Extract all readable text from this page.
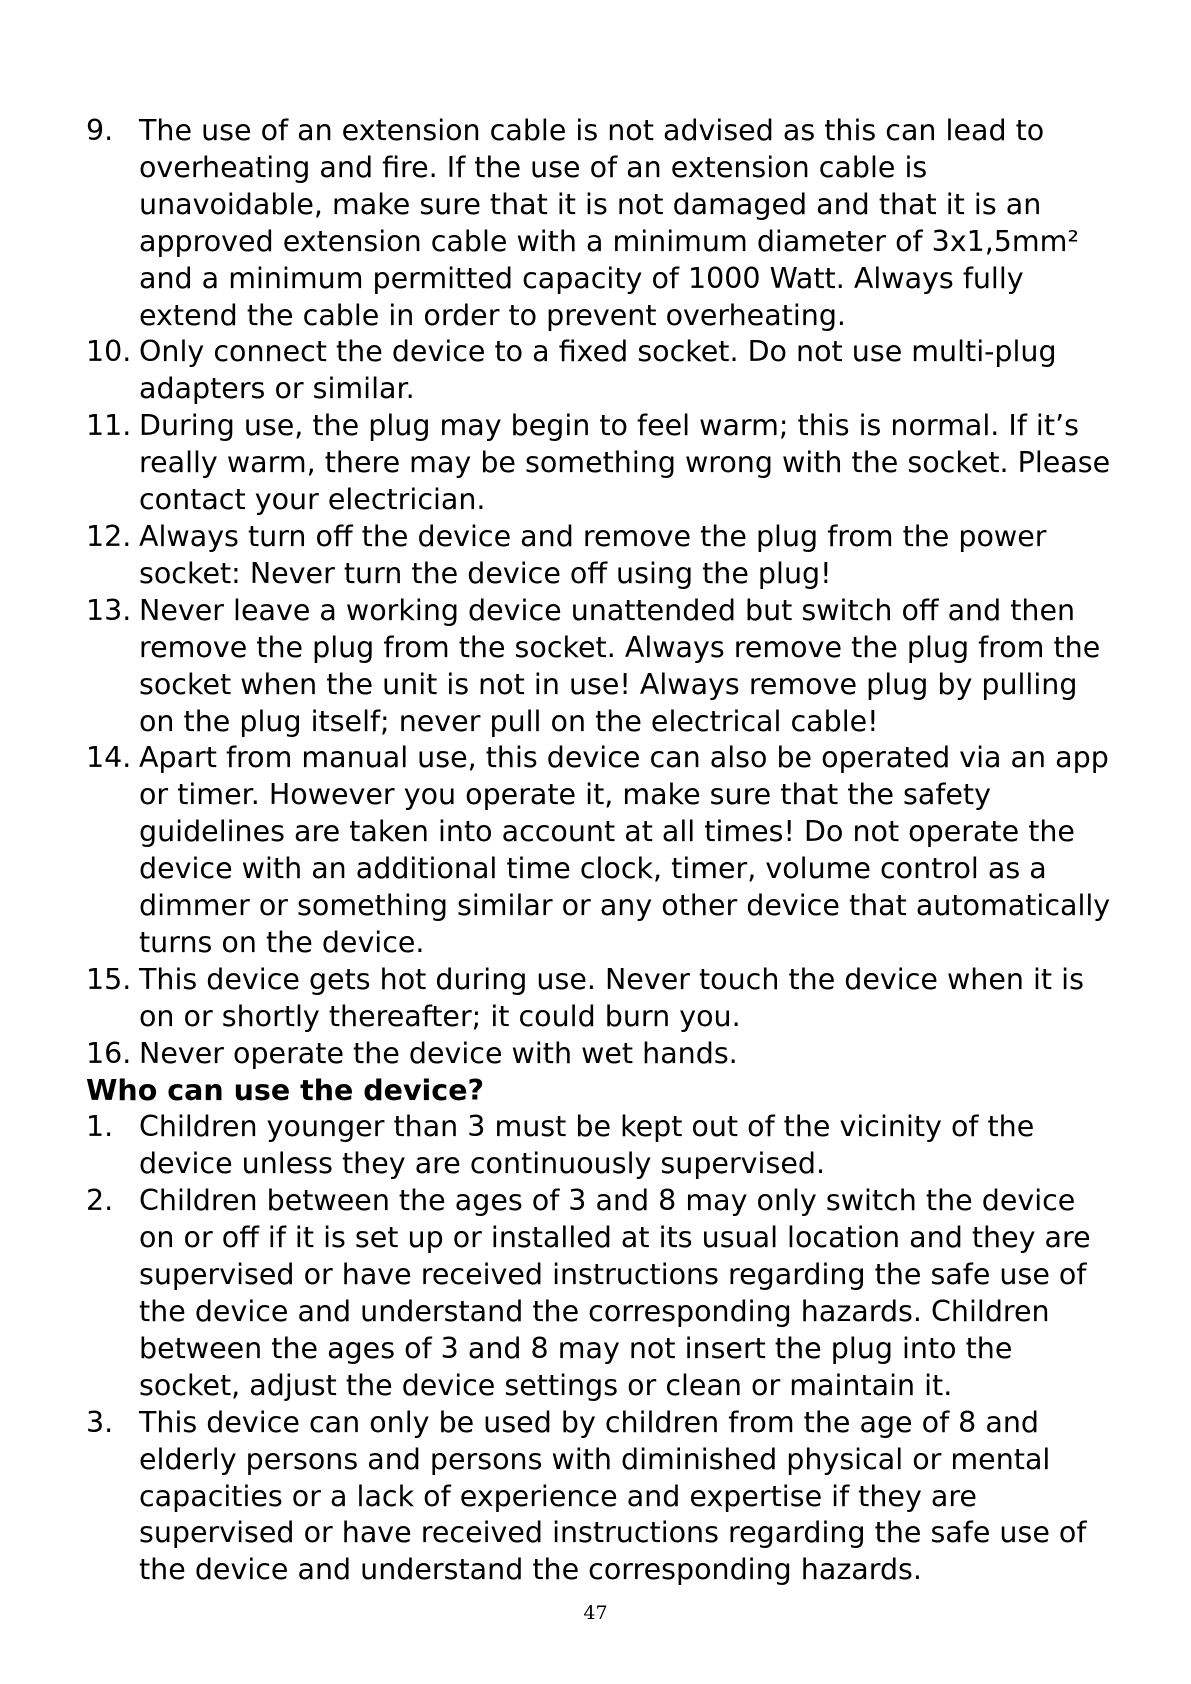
9. The use of an extension cable is not advised as this can lead to overheating and fire. If the use of an extension cable is unavoidable, make sure that it is not damaged and that it is an approved extension cable with a minimum diameter of 3x1,5mm² and a minimum permitted capacity of 1000 Watt. Always fully extend the cable in order to prevent overheating.
10. Only connect the device to a fixed socket. Do not use multi-plug adapters or similar.
11. During use, the plug may begin to feel warm; this is normal. If it’s really warm, there may be something wrong with the socket. Please contact your electrician.
12. Always turn off the device and remove the plug from the power socket: Never turn the device off using the plug!
13. Never leave a working device unattended but switch off and then remove the plug from the socket. Always remove the plug from the socket when the unit is not in use! Always remove plug by pulling on the plug itself; never pull on the electrical cable!
14. Apart from manual use, this device can also be operated via an app or timer. However you operate it, make sure that the safety guidelines are taken into account at all times! Do not operate the device with an additional time clock, timer, volume control as a dimmer or something similar or any other device that automatically turns on the device.
15. This device gets hot during use. Never touch the device when it is on or shortly thereafter; it could burn you.
16. Never operate the device with wet hands.
Who can use the device?
1. Children younger than 3 must be kept out of the vicinity of the device unless they are continuously supervised.
2. Children between the ages of 3 and 8 may only switch the device on or off if it is set up or installed at its usual location and they are supervised or have received instructions regarding the safe use of the device and understand the corresponding hazards. Children between the ages of 3 and 8 may not insert the plug into the socket, adjust the device settings or clean or maintain it.
3. This device can only be used by children from the age of 8 and elderly persons and persons with diminished physical or mental capacities or a lack of experience and expertise if they are supervised or have received instructions regarding the safe use of the device and understand the corresponding hazards.
47
